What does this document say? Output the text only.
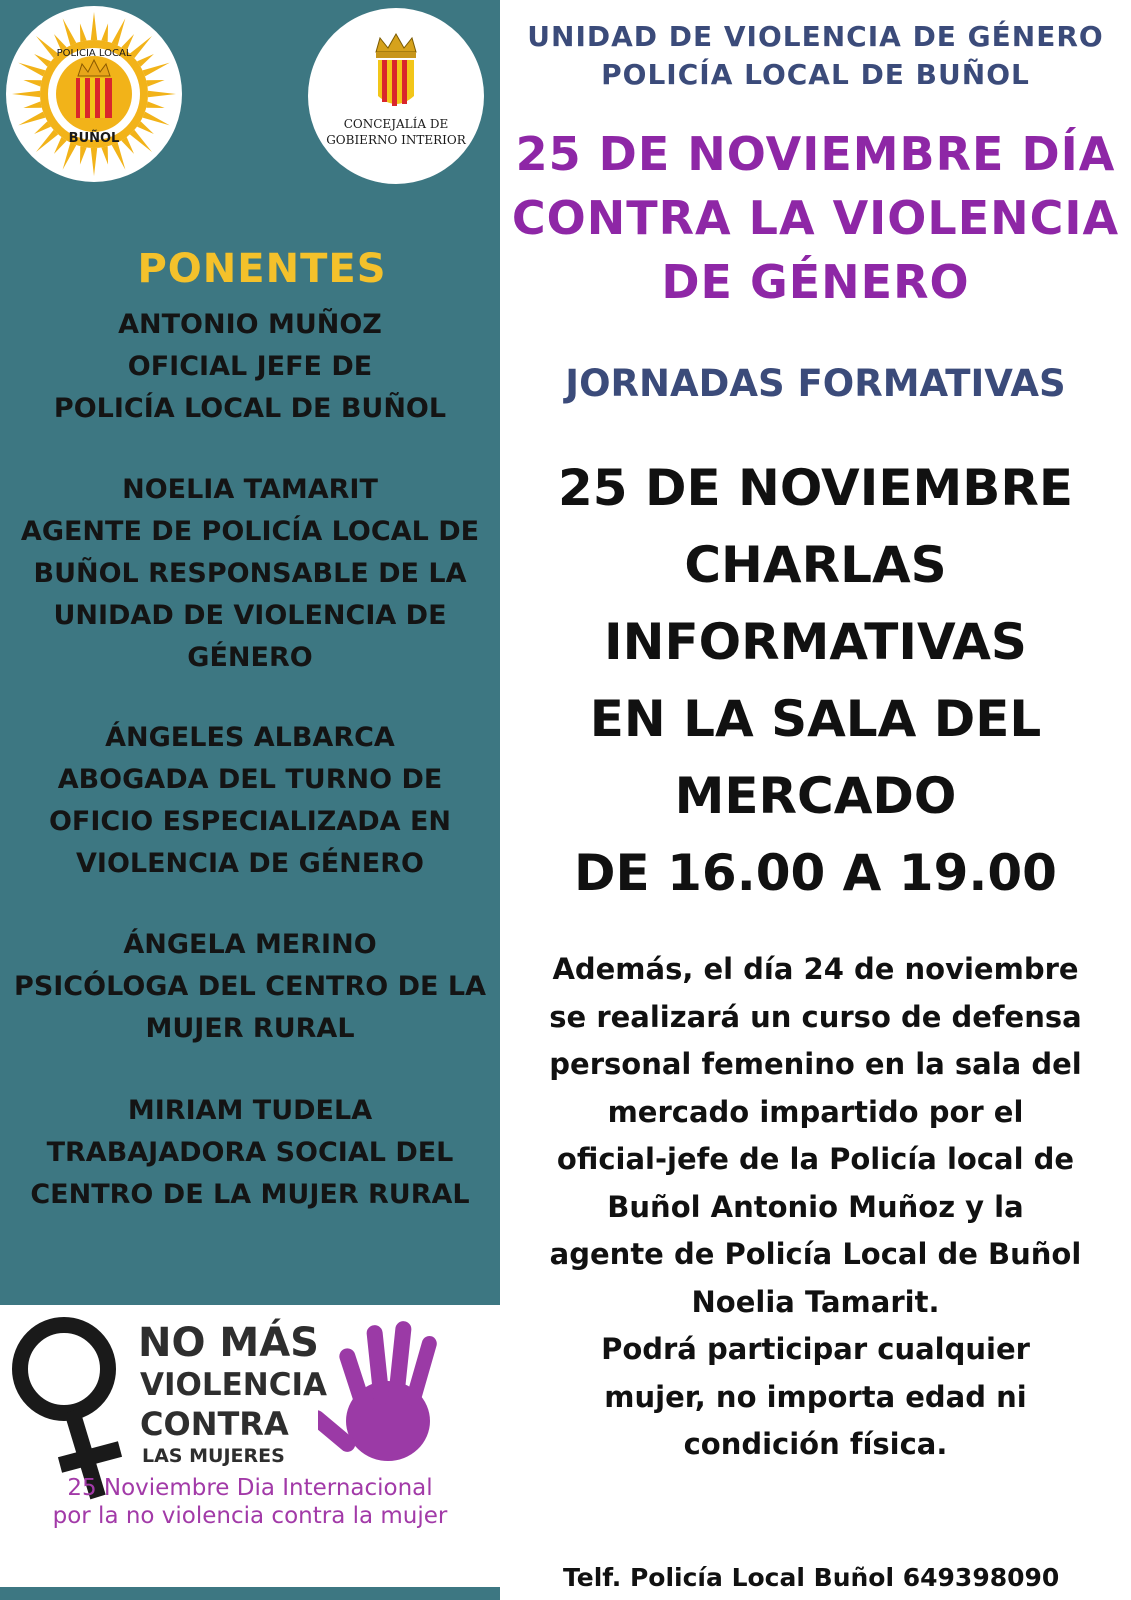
POLICIA LOCAL
BUÑOL
CONCEJALÍA DE
GOBIERNO INTERIOR
PONENTES
ANTONIO MUÑOZ
OFICIAL JEFE DE
POLICÍA LOCAL DE BUÑOL
NOELIA TAMARIT
AGENTE DE POLICÍA LOCAL DE
BUÑOL RESPONSABLE DE LA
UNIDAD DE VIOLENCIA DE
GÉNERO
ÁNGELES ALBARCA
ABOGADA DEL TURNO DE
OFICIO ESPECIALIZADA EN
VIOLENCIA DE GÉNERO
ÁNGELA MERINO
PSICÓLOGA DEL CENTRO DE LA
MUJER RURAL
MIRIAM TUDELA
TRABAJADORA SOCIAL DEL
CENTRO DE LA MUJER RURAL
NO MÁS
VIOLENCIA
CONTRA
LAS MUJERES
25 Noviembre Dia Internacional
por la no violencia contra la mujer
UNIDAD DE VIOLENCIA DE GÉNERO
POLICÍA LOCAL DE BUÑOL
25 DE NOVIEMBRE DÍA
CONTRA LA VIOLENCIA
DE GÉNERO
JORNADAS FORMATIVAS
25 DE NOVIEMBRE
CHARLAS
INFORMATIVAS
EN LA SALA DEL
MERCADO
DE 16.00 A 19.00
Además, el día 24 de noviembre
se realizará un curso de defensa
personal femenino en la sala del
mercado impartido por el
oficial-jefe de la Policía local de
Buñol Antonio Muñoz y la
agente de Policía Local de Buñol
Noelia Tamarit.
Podrá participar cualquier
mujer, no importa edad ni
condición física.
Telf. Policía Local Buñol 649398090
